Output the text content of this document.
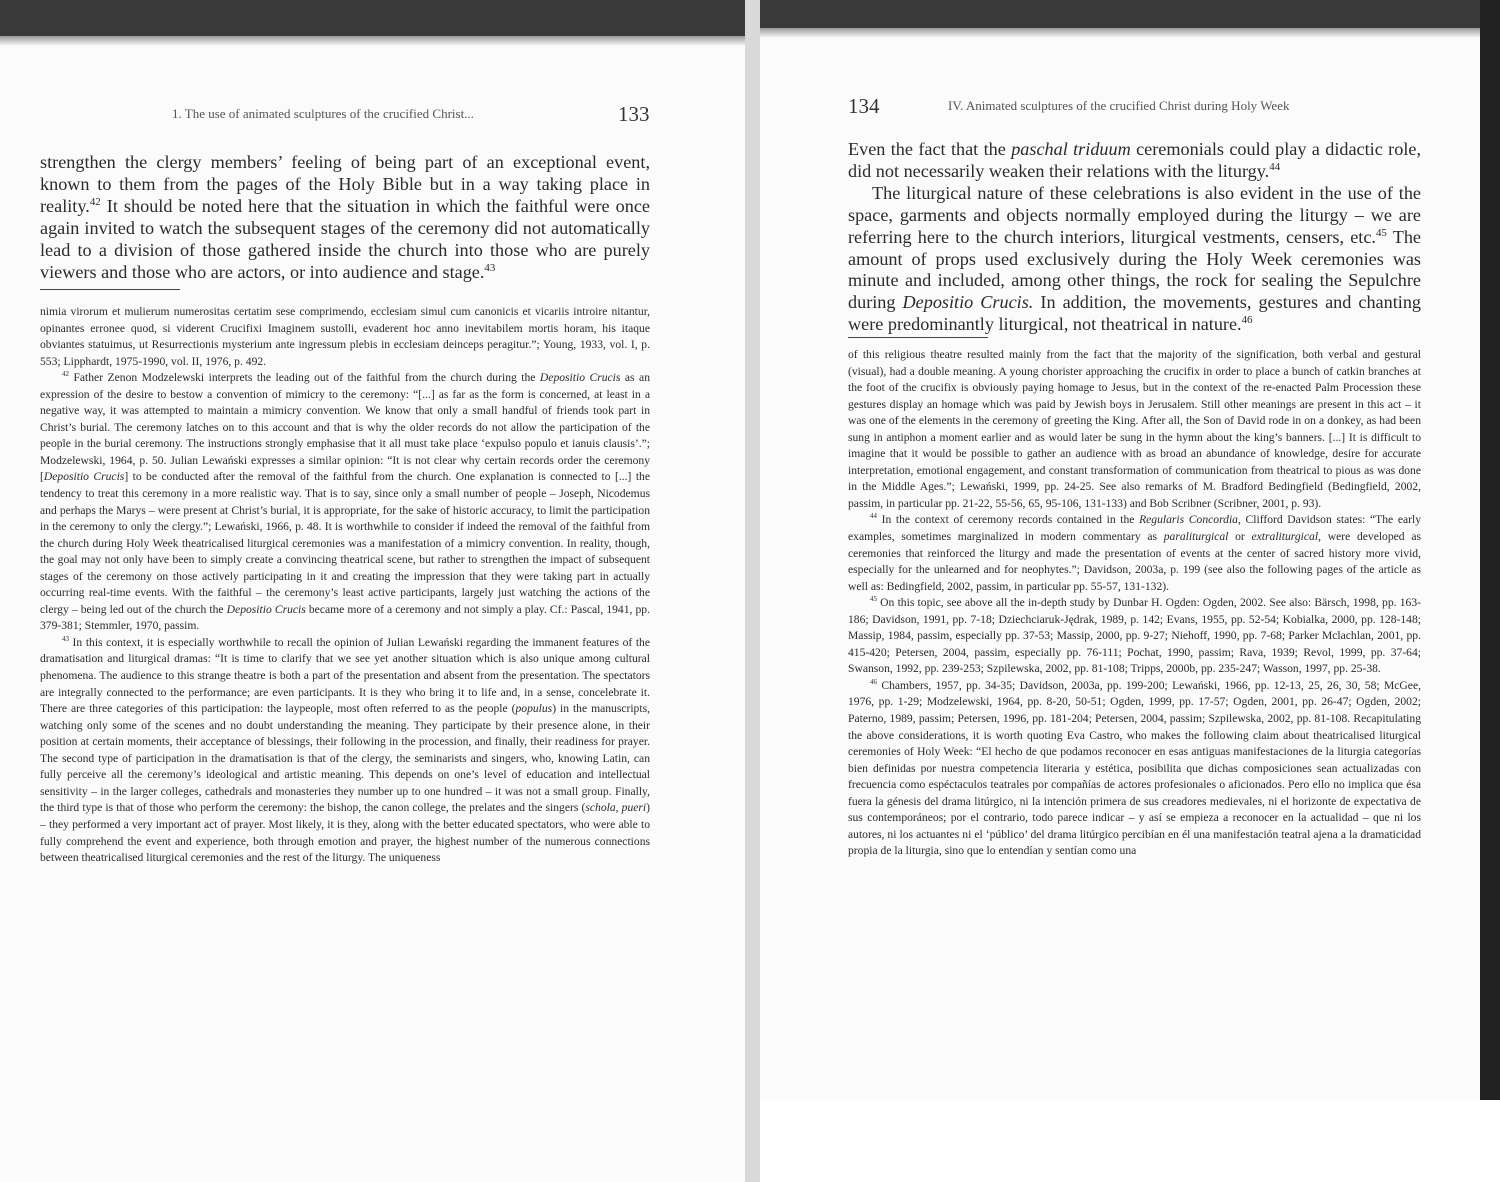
1. The use of animated sculptures of the crucified Christ...	133

strengthen the clergy members’ feeling of being part of an exceptional event, known to them from the pages of the Holy Bible but in a way taking place in reality.$^{42}$ It should be noted here that the situation in which the faithful were once again invited to watch the subsequent stages of the ceremony did not automatically lead to a division of those gathered inside the church into those who are purely viewers and those who are actors, or into audience and stage.$^{43}$

nimia virorum et mulierum numerositas certatim sese comprimendo, ecclesiam simul cum canonicis et vicariis introire nitantur, opinantes erronee quod, si viderent Crucifixi Imaginem sustolli, evaderent hoc anno inevitabilem mortis horam, his itaque obviantes statuimus, ut Resurrectionis mysterium ante ingressum plebis in ecclesiam deinceps peragitur.”; Young, 1933, vol. I, p. 553; Lipphardt, 1975-1990, vol. II, 1976, p. 492.

$^{42}$ Father Zenon Modzelewski interprets the leading out of the faithful from the church during the Depositio Crucis as an expression of the desire to bestow a convention of mimicry to the ceremony: “[...] as far as the form is concerned, at least in a negative way, it was attempted to maintain a mimicry convention. We know that only a small handful of friends took part in Christ’s burial. The ceremony latches on to this account and that is why the older records do not allow the participation of the people in the burial ceremony. The instructions strongly emphasise that it all must take place ‘expulso populo et ianuis clausis’.”; Modzelewski, 1964, p. 50. Julian Lewański expresses a similar opinion: “It is not clear why certain records order the ceremony [Depositio Crucis] to be conducted after the removal of the faithful from the church. One explanation is connected to [...] the tendency to treat this ceremony in a more realistic way. That is to say, since only a small number of people – Joseph, Nicodemus and perhaps the Marys – were present at Christ’s burial, it is appropriate, for the sake of historic accuracy, to limit the participation in the ceremony to only the clergy.”; Lewański, 1966, p. 48. It is worthwhile to consider if indeed the removal of the faithful from the church during Holy Week theatricalised liturgical ceremonies was a manifestation of a mimicry convention. In reality, though, the goal may not only have been to simply create a convincing theatrical scene, but rather to strengthen the impact of subsequent stages of the ceremony on those actively participating in it and creating the impression that they were taking part in actually occurring real-time events. With the faithful – the ceremony’s least active participants, largely just watching the actions of the clergy – being led out of the church the Depositio Crucis became more of a ceremony and not simply a play. Cf.: Pascal, 1941, pp. 379-381; Stemmler, 1970, passim.

$^{43}$ In this context, it is especially worthwhile to recall the opinion of Julian Lewański regarding the immanent features of the dramatisation and liturgical dramas: “It is time to clarify that we see yet another situation which is also unique among cultural phenomena. The audience to this strange theatre is both a part of the presentation and absent from the presentation. The spectators are integrally connected to the performance; are even participants. It is they who bring it to life and, in a sense, concelebrate it. There are three categories of this participation: the laypeople, most often referred to as the people (populus) in the manuscripts, watching only some of the scenes and no doubt understanding the meaning. They participate by their presence alone, in their position at certain moments, their acceptance of blessings, their following in the procession, and finally, their readiness for prayer. The second type of participation in the dramatisation is that of the clergy, the seminarists and singers, who, knowing Latin, can fully perceive all the ceremony’s ideological and artistic meaning. This depends on one’s level of education and intellectual sensitivity – in the larger colleges, cathedrals and monasteries they number up to one hundred – it was not a small group. Finally, the third type is that of those who perform the ceremony: the bishop, the canon college, the prelates and the singers (schola, pueri) – they performed a very important act of prayer. Most likely, it is they, along with the better educated spectators, who were able to fully comprehend the event and experience, both through emotion and prayer, the highest number of the numerous connections between theatricalised liturgical ceremonies and the rest of the liturgy. The uniqueness

134	IV. Animated sculptures of the crucified Christ during Holy Week

Even the fact that the paschal triduum ceremonials could play a didactic role, did not necessarily weaken their relations with the liturgy.$^{44}$

The liturgical nature of these celebrations is also evident in the use of the space, garments and objects normally employed during the liturgy – we are referring here to the church interiors, liturgical vestments, censers, etc.$^{45}$ The amount of props used exclusively during the Holy Week ceremonies was minute and included, among other things, the rock for sealing the Sepulchre during Depositio Crucis. In addition, the movements, gestures and chanting were predominantly liturgical, not theatrical in nature.$^{46}$

of this religious theatre resulted mainly from the fact that the majority of the signification, both verbal and gestural (visual), had a double meaning. A young chorister approaching the crucifix in order to place a bunch of catkin branches at the foot of the crucifix is obviously paying homage to Jesus, but in the context of the re-enacted Palm Procession these gestures display an homage which was paid by Jewish boys in Jerusalem. Still other meanings are present in this act – it was one of the elements in the ceremony of greeting the King. After all, the Son of David rode in on a donkey, as had been sung in antiphon a moment earlier and as would later be sung in the hymn about the king’s banners. [...] It is difficult to imagine that it would be possible to gather an audience with as broad an abundance of knowledge, desire for accurate interpretation, emotional engagement, and constant transformation of communication from theatrical to pious as was done in the Middle Ages.”; Lewański, 1999, pp. 24-25. See also remarks of M. Bradford Bedingfield (Bedingfield, 2002, passim, in particular pp. 21-22, 55-56, 65, 95-106, 131-133) and Bob Scribner (Scribner, 2001, p. 93).

$^{44}$ In the context of ceremony records contained in the Regularis Concordia, Clifford Davidson states: “The early examples, sometimes marginalized in modern commentary as paraliturgical or extraliturgical, were developed as ceremonies that reinforced the liturgy and made the presentation of events at the center of sacred history more vivid, especially for the unlearned and for neophytes.”; Davidson, 2003a, p. 199 (see also the following pages of the article as well as: Bedingfield, 2002, passim, in particular pp. 55-57, 131-132).

$^{45}$ On this topic, see above all the in-depth study by Dunbar H. Ogden: Ogden, 2002. See also: Bärsch, 1998, pp. 163-186; Davidson, 1991, pp. 7-18; Dziechciaruk-Jędrak, 1989, p. 142; Evans, 1955, pp. 52-54; Kobialka, 2000, pp. 128-148; Massip, 1984, passim, especially pp. 37-53; Massip, 2000, pp. 9-27; Niehoff, 1990, pp. 7-68; Parker Mclachlan, 2001, pp. 415-420; Petersen, 2004, passim, especially pp. 76-111; Pochat, 1990, passim; Rava, 1939; Revol, 1999, pp. 37-64; Swanson, 1992, pp. 239-253; Szpilewska, 2002, pp. 81-108; Tripps, 2000b, pp. 235-247; Wasson, 1997, pp. 25-38.

$^{46}$ Chambers, 1957, pp. 34-35; Davidson, 2003a, pp. 199-200; Lewański, 1966, pp. 12-13, 25, 26, 30, 58; McGee, 1976, pp. 1-29; Modzelewski, 1964, pp. 8-20, 50-51; Ogden, 1999, pp. 17-57; Ogden, 2001, pp. 26-47; Ogden, 2002; Paterno, 1989, passim; Petersen, 1996, pp. 181-204; Petersen, 2004, passim; Szpilewska, 2002, pp. 81-108. Recapitulating the above considerations, it is worth quoting Eva Castro, who makes the following claim about theatricalised liturgical ceremonies of Holy Week: “El hecho de que podamos reconocer en esas antiguas manifestaciones de la liturgia categorías bien definidas por nuestra competencia literaria y estética, posibilita que dichas composiciones sean actualizadas con frecuencia como espéctaculos teatrales por compañías de actores profesionales o aficionados. Pero ello no implica que ésa fuera la génesis del drama litúrgico, ni la intención primera de sus creadores medievales, ni el horizonte de expectativa de sus contemporáneos; por el contrario, todo parece indicar – y así se empieza a reconocer en la actualidad – que ni los autores, ni los actuantes ni el ‘público’ del drama litúrgico percibían en él una manifestación teatral ajena a la dramaticidad propia de la liturgia, sino que lo entendían y sentían como una
